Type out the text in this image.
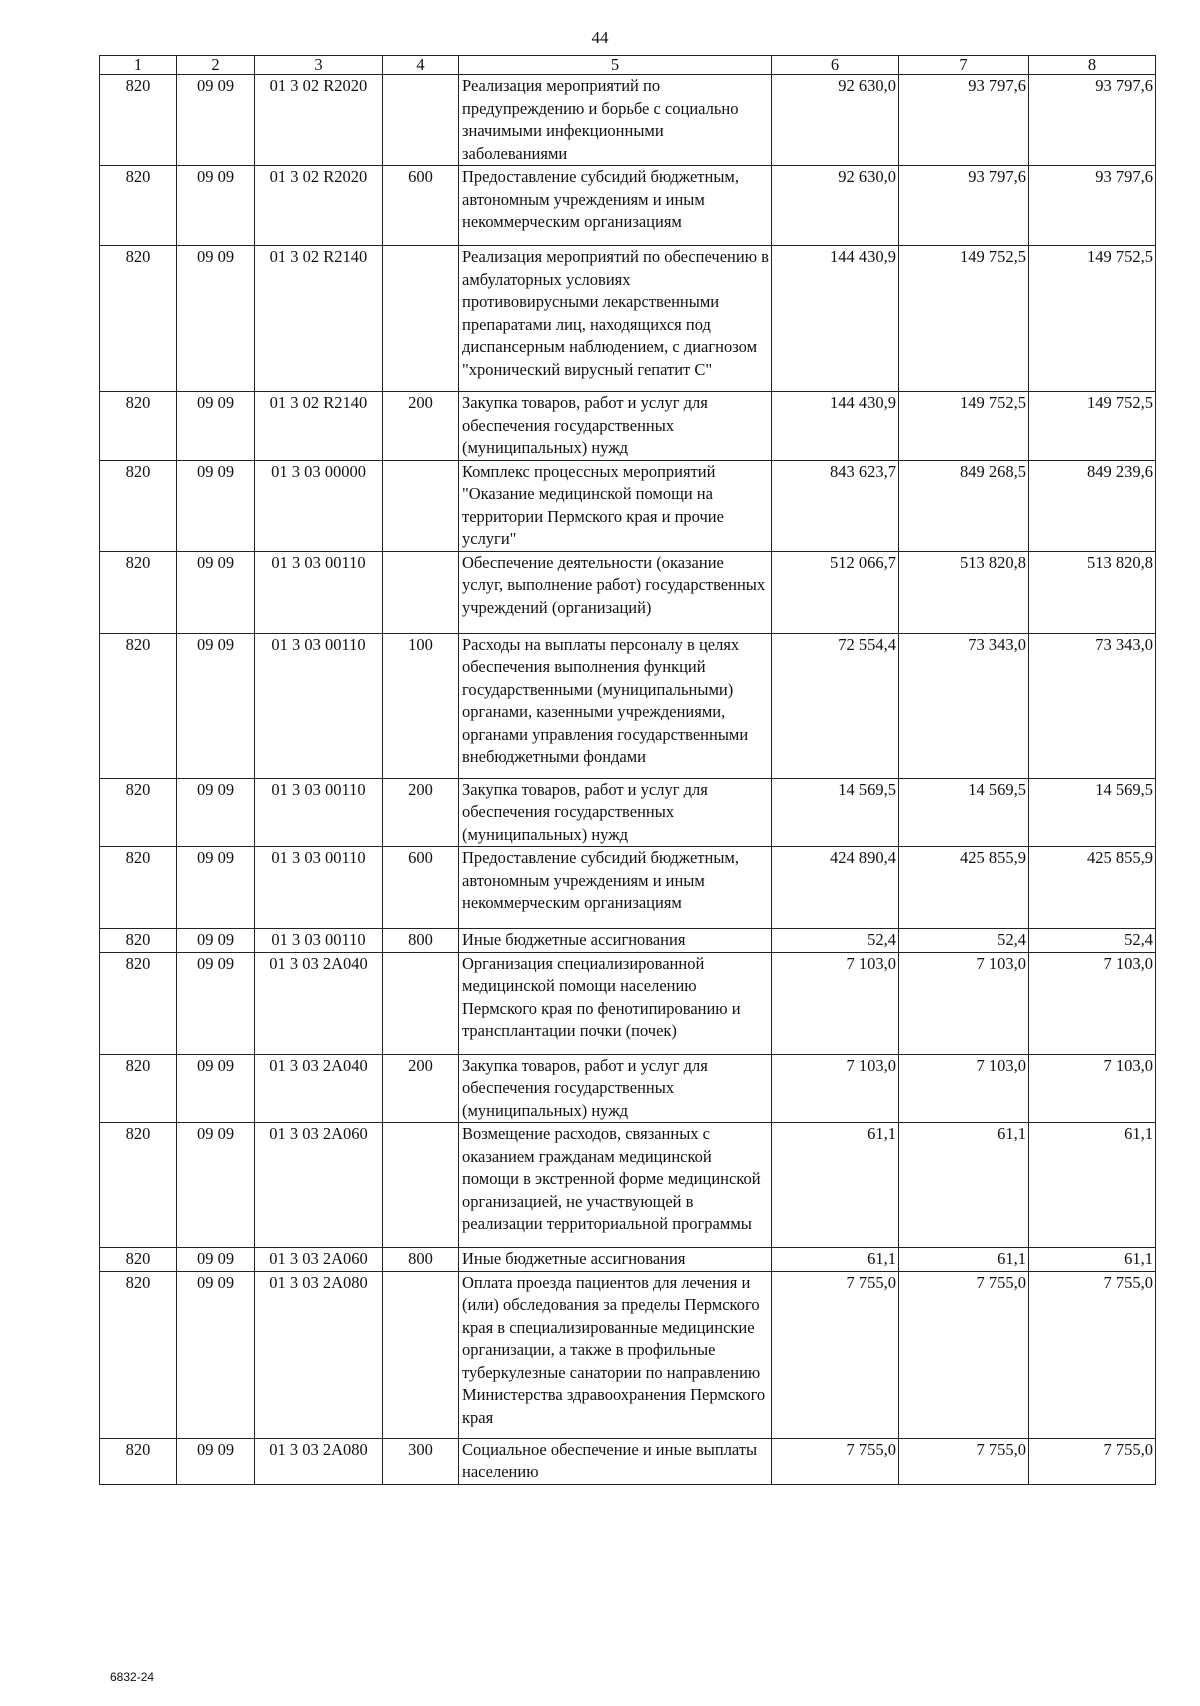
44
1	2	3	4	5	6	7	8
820	09 09	01 3 02 R2020		Реализация мероприятий по предупреждению и борьбе с социально значимыми инфекционными заболеваниями	92 630,0	93 797,6	93 797,6
820	09 09	01 3 02 R2020	600	Предоставление субсидий бюджетным, автономным учреждениям и иным некоммерческим организациям	92 630,0	93 797,6	93 797,6
820	09 09	01 3 02 R2140		Реализация мероприятий по обеспечению в амбулаторных условиях противовирусными лекарственными препаратами лиц, находящихся под диспансерным наблюдением, с диагнозом "хронический вирусный гепатит С"	144 430,9	149 752,5	149 752,5
820	09 09	01 3 02 R2140	200	Закупка товаров, работ и услуг для обеспечения государственных (муниципальных) нужд	144 430,9	149 752,5	149 752,5
820	09 09	01 3 03 00000		Комплекс процессных мероприятий "Оказание медицинской помощи на территории Пермского края и прочие услуги"	843 623,7	849 268,5	849 239,6
820	09 09	01 3 03 00110		Обеспечение деятельности (оказание услуг, выполнение работ) государственных учреждений (организаций)	512 066,7	513 820,8	513 820,8
820	09 09	01 3 03 00110	100	Расходы на выплаты персоналу в целях обеспечения выполнения функций государственными (муниципальными) органами, казенными учреждениями, органами управления государственными внебюджетными фондами	72 554,4	73 343,0	73 343,0
820	09 09	01 3 03 00110	200	Закупка товаров, работ и услуг для обеспечения государственных (муниципальных) нужд	14 569,5	14 569,5	14 569,5
820	09 09	01 3 03 00110	600	Предоставление субсидий бюджетным, автономным учреждениям и иным некоммерческим организациям	424 890,4	425 855,9	425 855,9
820	09 09	01 3 03 00110	800	Иные бюджетные ассигнования	52,4	52,4	52,4
820	09 09	01 3 03 2А040		Организация специализированной медицинской помощи населению Пермского края по фенотипированию и трансплантации почки (почек)	7 103,0	7 103,0	7 103,0
820	09 09	01 3 03 2А040	200	Закупка товаров, работ и услуг для обеспечения государственных (муниципальных) нужд	7 103,0	7 103,0	7 103,0
820	09 09	01 3 03 2А060		Возмещение расходов, связанных с оказанием гражданам медицинской помощи в экстренной форме медицинской организацией, не участвующей в реализации территориальной программы	61,1	61,1	61,1
820	09 09	01 3 03 2А060	800	Иные бюджетные ассигнования	61,1	61,1	61,1
820	09 09	01 3 03 2А080		Оплата проезда пациентов для лечения и (или) обследования за пределы Пермского края в специализированные медицинские организации, а также в профильные туберкулезные санатории по направлению Министерства здравоохранения Пермского края	7 755,0	7 755,0	7 755,0
820	09 09	01 3 03 2А080	300	Социальное обеспечение и иные выплаты населению	7 755,0	7 755,0	7 755,0
6832-24
